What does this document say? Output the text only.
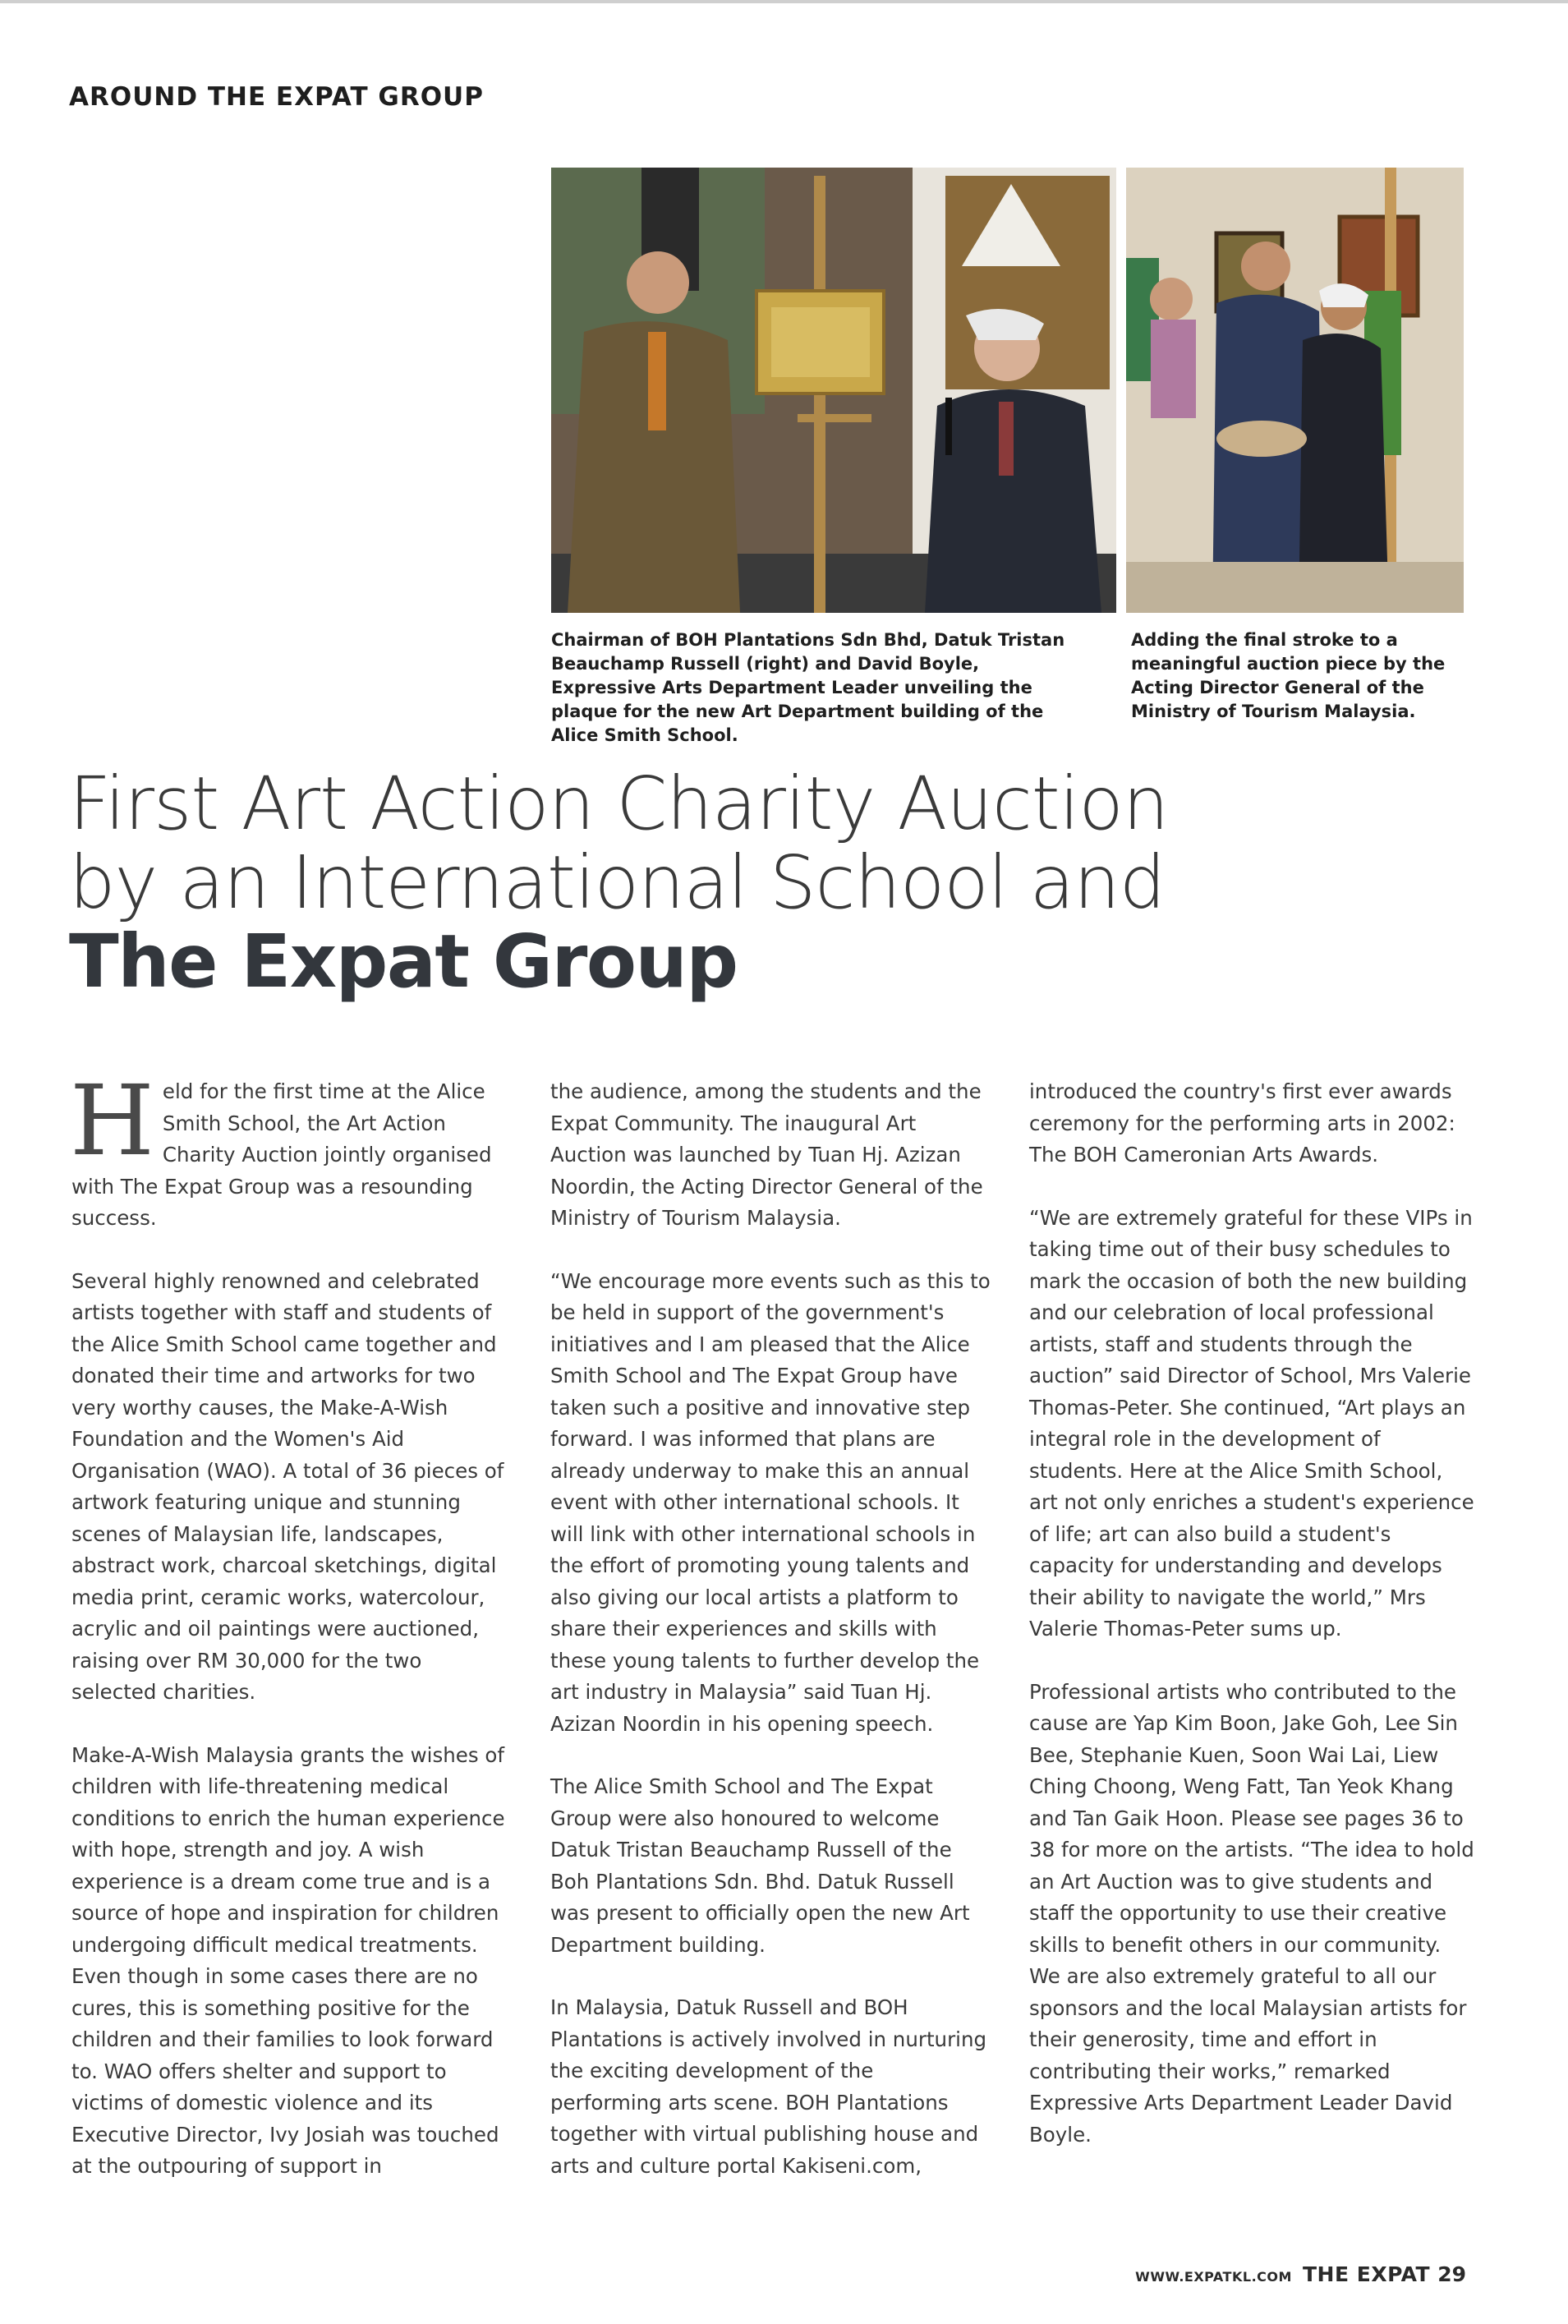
AROUND THE EXPAT GROUP
Chairman of BOH Plantations Sdn Bhd, Datuk Tristan Beauchamp Russell (right) and David Boyle, Expressive Arts Department Leader unveiling the plaque for the new Art Department building of the Alice Smith School.
Adding the final stroke to a meaningful auction piece by the Acting Director General of the Ministry of Tourism Malaysia.
First Art Action Charity Auction
by an International School and
The Expat Group

Held for the first time at the Alice Smith School, the Art Action Charity Auction jointly organised with The Expat Group was a resounding success.

Several highly renowned and celebrated artists together with staff and students of the Alice Smith School came together and donated their time and artworks for two very worthy causes, the Make-A-Wish Foundation and the Women's Aid Organisation (WAO). A total of 36 pieces of artwork featuring unique and stunning scenes of Malaysian life, landscapes, abstract work, charcoal sketchings, digital media print, ceramic works, watercolour, acrylic and oil paintings were auctioned, raising over RM 30,000 for the two selected charities.

Make-A-Wish Malaysia grants the wishes of children with life-threatening medical conditions to enrich the human experience with hope, strength and joy. A wish experience is a dream come true and is a source of hope and inspiration for children undergoing difficult medical treatments. Even though in some cases there are no cures, this is something positive for the children and their families to look forward to. WAO offers shelter and support to victims of domestic violence and its Executive Director, Ivy Josiah was touched at the outpouring of support in

the audience, among the students and the Expat Community. The inaugural Art Auction was launched by Tuan Hj. Azizan Noordin, the Acting Director General of the Ministry of Tourism Malaysia.

“We encourage more events such as this to be held in support of the government's initiatives and I am pleased that the Alice Smith School and The Expat Group have taken such a positive and innovative step forward. I was informed that plans are already underway to make this an annual event with other international schools. It will link with other international schools in the effort of promoting young talents and also giving our local artists a platform to share their experiences and skills with these young talents to further develop the art industry in Malaysia” said Tuan Hj. Azizan Noordin in his opening speech.

The Alice Smith School and The Expat Group were also honoured to welcome Datuk Tristan Beauchamp Russell of the Boh Plantations Sdn. Bhd. Datuk Russell was present to officially open the new Art Department building.

In Malaysia, Datuk Russell and BOH Plantations is actively involved in nurturing the exciting development of the performing arts scene. BOH Plantations together with virtual publishing house and arts and culture portal Kakiseni.com,

introduced the country's first ever awards ceremony for the performing arts in 2002: The BOH Cameronian Arts Awards.

“We are extremely grateful for these VIPs in taking time out of their busy schedules to mark the occasion of both the new building and our celebration of local professional artists, staff and students through the auction” said Director of School, Mrs Valerie Thomas-Peter. She continued, “Art plays an integral role in the development of students. Here at the Alice Smith School, art not only enriches a student's experience of life; art can also build a student's capacity for understanding and develops their ability to navigate the world,” Mrs Valerie Thomas-Peter sums up.

Professional artists who contributed to the cause are Yap Kim Boon, Jake Goh, Lee Sin Bee, Stephanie Kuen, Soon Wai Lai, Liew Ching Choong, Weng Fatt, Tan Yeok Khang and Tan Gaik Hoon. Please see pages 36 to 38 for more on the artists. “The idea to hold an Art Auction was to give students and staff the opportunity to use their creative skills to benefit others in our community. We are also extremely grateful to all our sponsors and the local Malaysian artists for their generosity, time and effort in contributing their works,” remarked Expressive Arts Department Leader David Boyle.

WWW.EXPATKL.COM THE EXPAT 29
